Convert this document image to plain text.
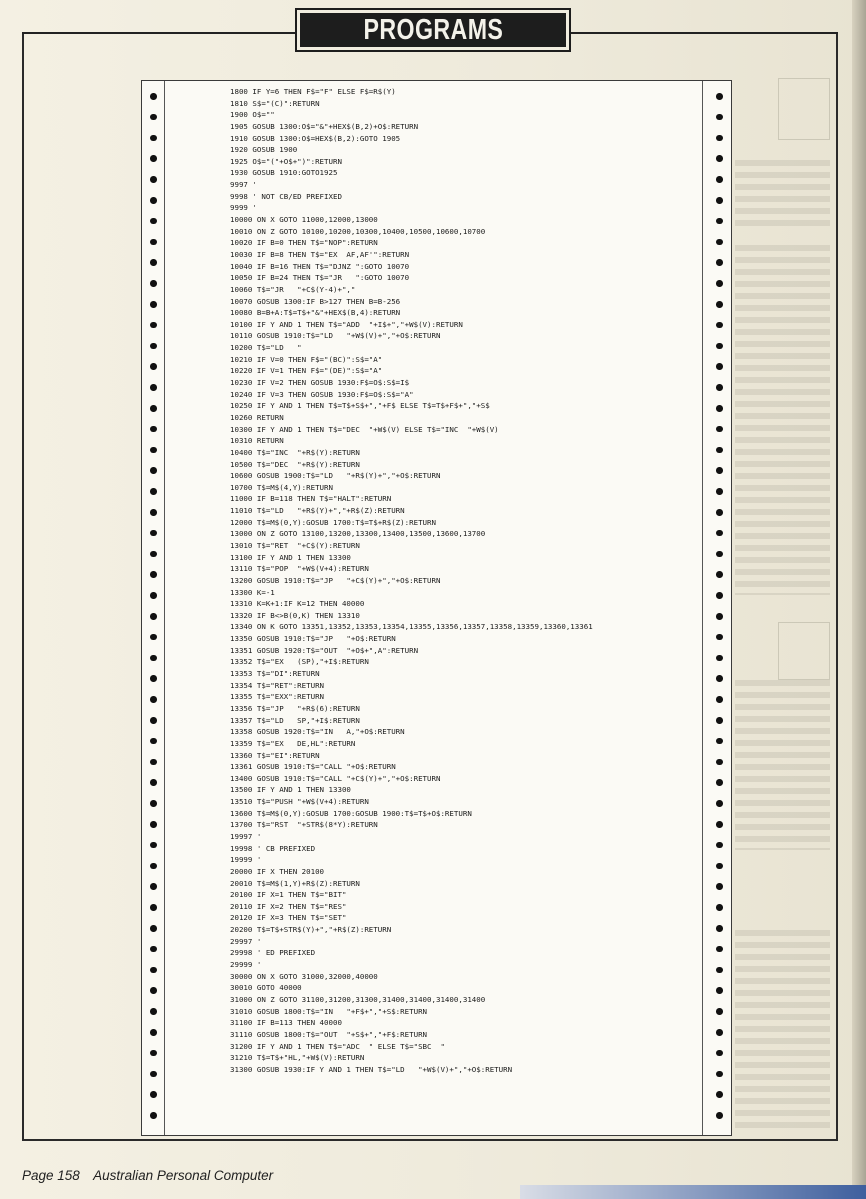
PROGRAMS
1800 IF Y=6 THEN F$="F" ELSE F$=R$(Y)
1810 S$="(C)":RETURN
1900 O$=""
1905 GOSUB 1300:O$="&"+HEX$(B,2)+O$:RETURN
1910 GOSUB 1300:O$=HEX$(B,2):GOTO 1905
1920 GOSUB 1900
1925 O$="("+O$+")":RETURN
1930 GOSUB 1910:GOTO1925
9997 '
9998 ' NOT CB/ED PREFIXED
9999 '
10000 ON X GOTO 11000,12000,13000
10010 ON Z GOTO 10100,10200,10300,10400,10500,10600,10700
10020 IF B=0 THEN T$="NOP":RETURN
10030 IF B=8 THEN T$="EX  AF,AF'":RETURN
10040 IF B=16 THEN T$="DJNZ ":GOTO 10070
10050 IF B=24 THEN T$="JR   ":GOTO 10070
10060 T$="JR   "+C$(Y-4)+","
10070 GOSUB 1300:IF B>127 THEN B=B-256
10080 B=B+A:T$=T$+"&"+HEX$(B,4):RETURN
10100 IF Y AND 1 THEN T$="ADD  "+I$+","+W$(V):RETURN
10110 GOSUB 1910:T$="LD   "+W$(V)+","+O$:RETURN
10200 T$="LD   "
10210 IF V=0 THEN F$="(BC)":S$="A"
10220 IF V=1 THEN F$="(DE)":S$="A"
10230 IF V=2 THEN GOSUB 1930:F$=O$:S$=I$
10240 IF V=3 THEN GOSUB 1930:F$=O$:S$="A"
10250 IF Y AND 1 THEN T$=T$+S$+","+F$ ELSE T$=T$+F$+","+S$
10260 RETURN
10300 IF Y AND 1 THEN T$="DEC  "+W$(V) ELSE T$="INC  "+W$(V)
10310 RETURN
10400 T$="INC  "+R$(Y):RETURN
10500 T$="DEC  "+R$(Y):RETURN
10600 GOSUB 1900:T$="LD   "+R$(Y)+","+O$:RETURN
10700 T$=M$(4,Y):RETURN
11000 IF B=118 THEN T$="HALT":RETURN
11010 T$="LD   "+R$(Y)+","+R$(Z):RETURN
12000 T$=M$(0,Y):GOSUB 1700:T$=T$+R$(Z):RETURN
13000 ON Z GOTO 13100,13200,13300,13400,13500,13600,13700
13010 T$="RET  "+C$(Y):RETURN
13100 IF Y AND 1 THEN 13300
13110 T$="POP  "+W$(V+4):RETURN
13200 GOSUB 1910:T$="JP   "+C$(Y)+","+O$:RETURN
13300 K=-1
13310 K=K+1:IF K=12 THEN 40000
13320 IF B<>B(0,K) THEN 13310
13340 ON K GOTO 13351,13352,13353,13354,13355,13356,13357,13358,13359,13360,13361
13350 GOSUB 1910:T$="JP   "+O$:RETURN
13351 GOSUB 1920:T$="OUT  "+O$+",A":RETURN
13352 T$="EX   (SP),"+I$:RETURN
13353 T$="DI":RETURN
13354 T$="RET":RETURN
13355 T$="EXX":RETURN
13356 T$="JP   "+R$(6):RETURN
13357 T$="LD   SP,"+I$:RETURN
13358 GOSUB 1920:T$="IN   A,"+O$:RETURN
13359 T$="EX   DE,HL":RETURN
13360 T$="EI":RETURN
13361 GOSUB 1910:T$="CALL "+O$:RETURN
13400 GOSUB 1910:T$="CALL "+C$(Y)+","+O$:RETURN
13500 IF Y AND 1 THEN 13300
13510 T$="PUSH "+W$(V+4):RETURN
13600 T$=M$(0,Y):GOSUB 1700:GOSUB 1900:T$=T$+O$:RETURN
13700 T$="RST  "+STR$(8*Y):RETURN
19997 '
19998 ' CB PREFIXED
19999 '
20000 IF X THEN 20100
20010 T$=M$(1,Y)+R$(Z):RETURN
20100 IF X=1 THEN T$="BIT"
20110 IF X=2 THEN T$="RES"
20120 IF X=3 THEN T$="SET"
20200 T$=T$+STR$(Y)+","+R$(Z):RETURN
29997 '
29998 ' ED PREFIXED
29999 '
30000 ON X GOTO 31000,32000,40000
30010 GOTO 40000
31000 ON Z GOTO 31100,31200,31300,31400,31400,31400,31400
31010 GOSUB 1800:T$="IN   "+F$+","+S$:RETURN
31100 IF B=113 THEN 40000
31110 GOSUB 1800:T$="OUT  "+S$+","+F$:RETURN
31200 IF Y AND 1 THEN T$="ADC  " ELSE T$="SBC  "
31210 T$=T$+"HL,"+W$(V):RETURN
31300 GOSUB 1930:IF Y AND 1 THEN T$="LD   "+W$(V)+","+O$:RETURN
Page 158 Australian Personal Computer
